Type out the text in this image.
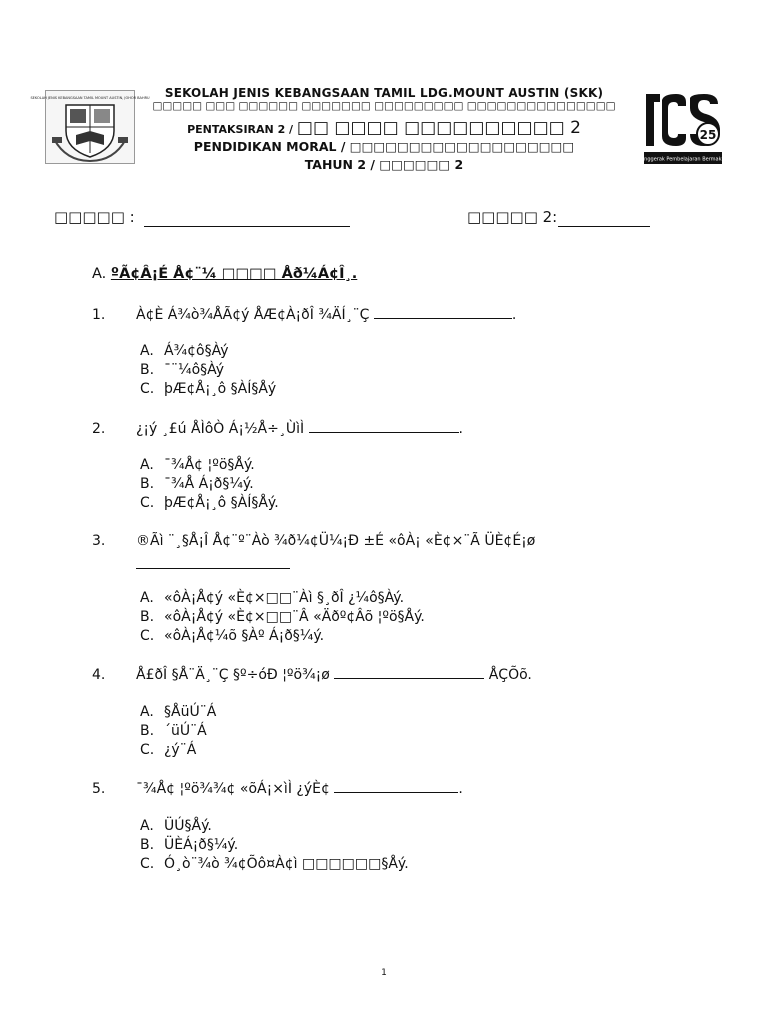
SEKOLAH JENIS KEBANGSAAN TAMIL MOUNT AUSTIN, JOHOR BAHRU	SEKOLAH JENIS KEBANGSAAN TAMIL LDG.MOUNT AUSTIN (SKK)
□□□□□ □□□ □□□□□□ □□□□□□□ □□□□□□□□□ □□□□□□□□□□□□□□□
PENTAKSIRAN 2 / □□ □□□□ □□□□□□□□□□ 2
PENDIDIKAN MORAL / □□□□□□□□□□□□□□□□□□□
TAHUN 2 / □□□□□□ 2
25
Penggerak Pembelajaran Bermakna
□□□□□ :	□□□□□ 2:
A. ºÃ¢Â¡É Å¢¨¼ □□□□ Åð¼Á¢Î¸.
1. À¢È Á¾ò¾ÅÃ¢ý ÅÆ¢À¡ðÎ ¾ÄÍ¸¨Ç	.
A. Á¾¢ô§Àý
B. ¯¨¼ô§Àý
C. þÆ¢Å¡¸ô §ÀÍ§Åý
2. ¿¡ý ¸£ú ÅÌôÒ Á¡½Å÷¸ÙìÌ	.
A. ¯¾Å¢ ¦ºö§Åý.
B. ¯¾Å Á¡ð§¼ý.
C. þÆ¢Å¡¸ô §ÀÍ§Åý.
3. ®Ãì ¨¸§Å¡Î Å¢¨º¨Àò ¾ð¼¢Ü¼¡Ð ±É «ôÀ¡ «È¢×¨Ã ÜÈ¢É¡ø
A. «ôÀ¡Å¢ý «È¢×□□¨Àì §¸ðÎ ¿¼ô§Àý.
B. «ôÀ¡Å¢ý «È¢×□□¨Â «Äðº¢Âõ ¦ºö§Åý.
C. «ôÀ¡Å¢¼õ §Àº Á¡ð§¼ý.
4. Å£ðÎ §Å¨Ä¸¨Ç §º÷óÐ ¦ºö¾¡ø	ÅÇÕõ.
A. §ÅüÚ¨Á
B. ´üÚ¨Á
C. ¿ý¨Á
5. ¯¾Å¢ ¦ºö¾¾¢ «õÁ¡×ìÌ ¿ýÈ¢	.
A. ÜÚ§Åý.
B. ÜÈÁ¡ð§¼ý.
C. Ó¸ò¨¾ò ¾¢Õô¤À¢ì □□□□□□§Åý.
1
